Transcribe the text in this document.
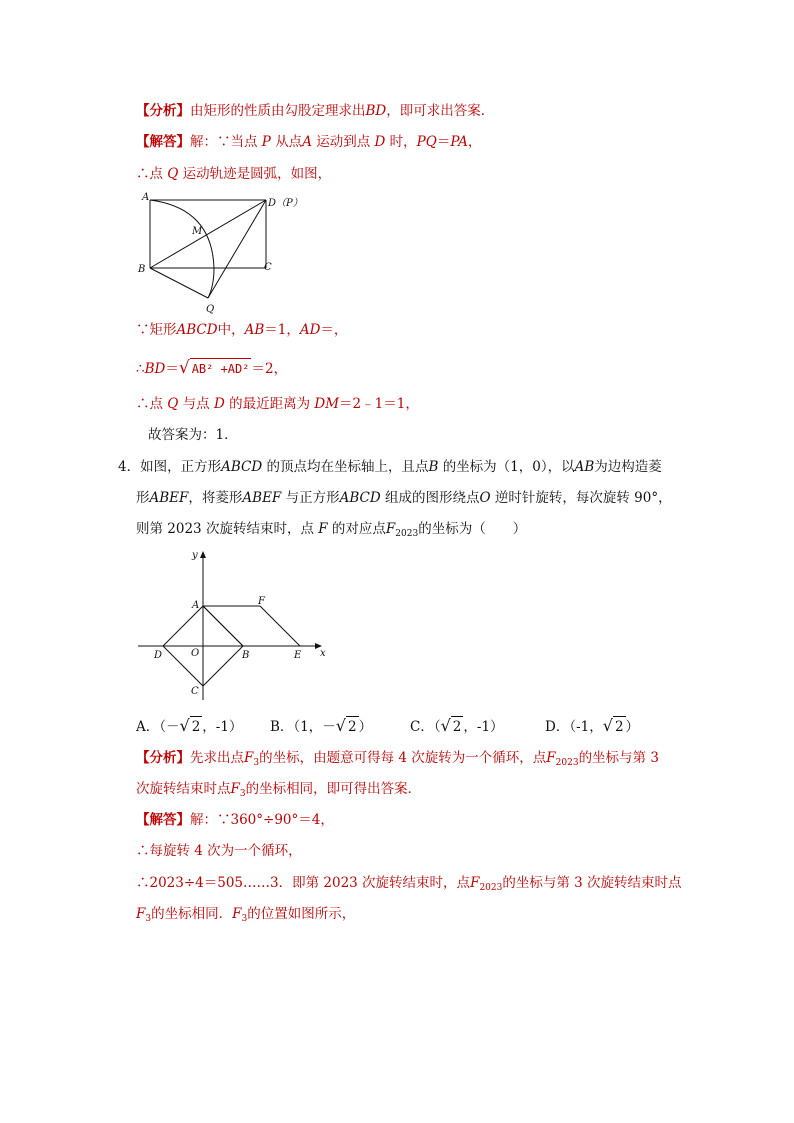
【分析】由矩形的性质由勾股定理求出BD，即可求出答案．
【解答】解：∵当点 P 从点A 运动到点 D 时，PQ＝PA，
∴点 Q 运动轨迹是圆弧，如图，
A
D（P）
M
B	C
Q
∵矩形ABCD中，AB＝1，AD＝，
∴BD＝√ AB² +AD² ＝2，
∴点 Q 与点 D 的最近距离为 DM＝2﹣1＝1，
故答案为：1．
4．如图，正方形ABCD 的顶点均在坐标轴上，且点B 的坐标为（1，0），以AB为边构造菱
形ABEF，将菱形ABEF 与正方形ABCD 组成的图形绕点O 逆时针旋转，每次旋转 90°，
则第 2023 次旋转结束时，点 F 的对应点$F_{2023}$的坐标为（　　）
y
x
A	F
D	O	B	E
C
A．（－√ 2 ，-1） B．（1，－√ 2 ）	C．（√ 2 ，-1）	D．（-1，√ 2 ）
【分析】先求出点$F_3$的坐标，由题意可得每 4 次旋转为一个循环，点$F_{2023}$的坐标与第 3
次旋转结束时点$F_3$的坐标相同，即可得出答案．
【解答】解：∵360°÷90°＝4，
∴每旋转 4 次为一个循环，
∴2023÷4＝505……3．即第 2023 次旋转结束时，点$F_{2023}$的坐标与第 3 次旋转结束时点
$F_3$的坐标相同．$F_3$的位置如图所示，
